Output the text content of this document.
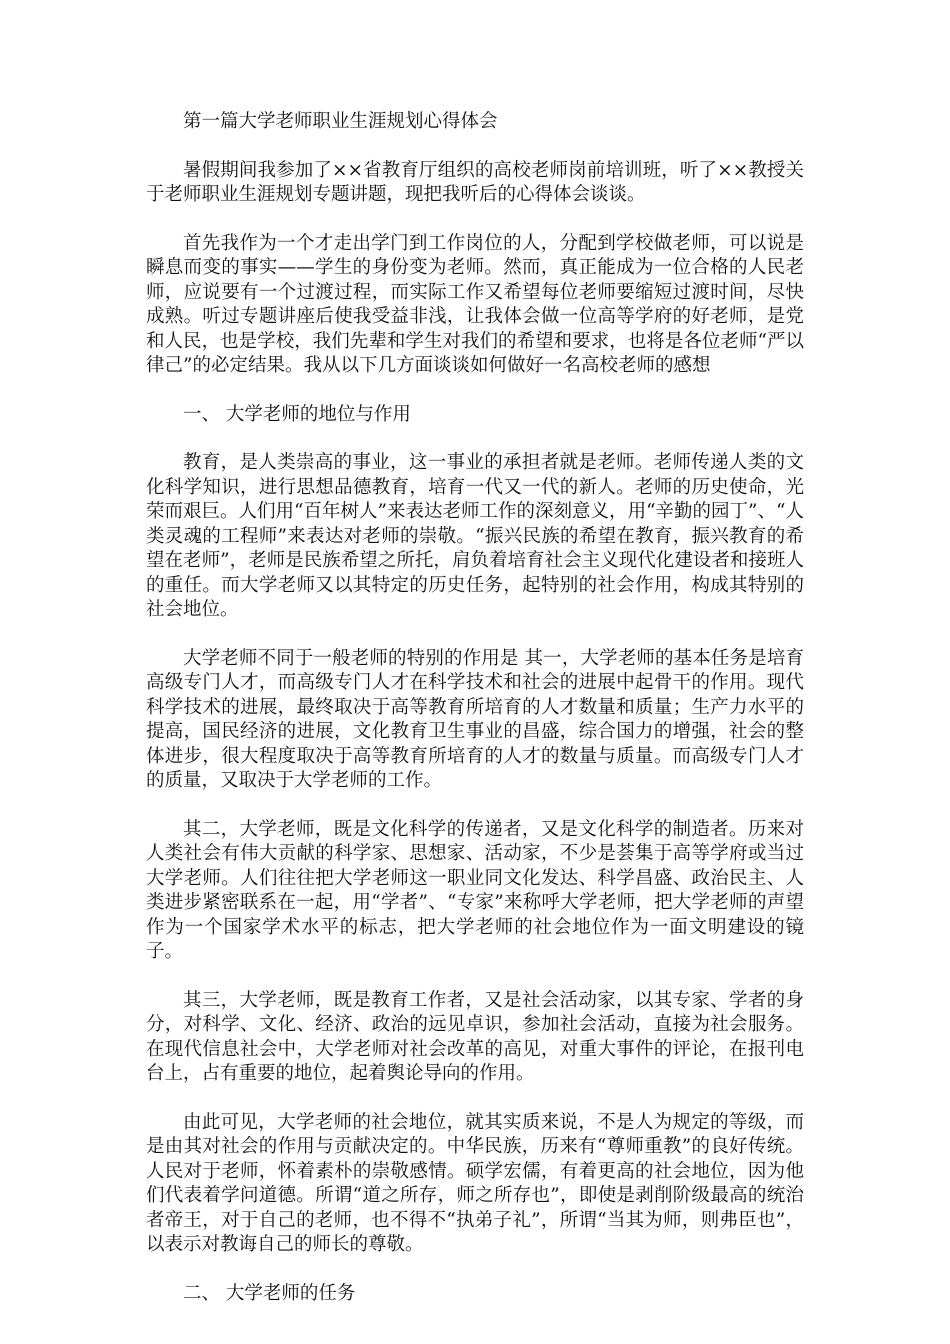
第一篇大学老师职业生涯规划心得体会

暑假期间我参加了××省教育厅组织的高校老师岗前培训班，听了××教授关于老师职业生涯规划专题讲题，现把我听后的心得体会谈谈。

首先我作为一个才走出学门到工作岗位的人，分配到学校做老师，可以说是瞬息而变的事实——学生的身份变为老师。然而，真正能成为一位合格的人民老师，应说要有一个过渡过程，而实际工作又希望每位老师要缩短过渡时间，尽快成熟。听过专题讲座后使我受益非浅，让我体会做一位高等学府的好老师，是党和人民，也是学校，我们先辈和学生对我们的希望和要求，也将是各位老师“严以律己”的必定结果。我从以下几方面谈谈如何做好一名高校老师的感想

一、 大学老师的地位与作用

教育，是人类崇高的事业，这一事业的承担者就是老师。老师传递人类的文化科学知识，进行思想品德教育，培育一代又一代的新人。老师的历史使命，光荣而艰巨。人们用“百年树人”来表达老师工作的深刻意义，用“辛勤的园丁”、“人类灵魂的工程师”来表达对老师的崇敬。“振兴民族的希望在教育，振兴教育的希望在老师”，老师是民族希望之所托，肩负着培育社会主义现代化建设者和接班人的重任。而大学老师又以其特定的历史任务，起特别的社会作用，构成其特别的社会地位。

大学老师不同于一般老师的特别的作用是 其一，大学老师的基本任务是培育高级专门人才，而高级专门人才在科学技术和社会的进展中起骨干的作用。现代科学技术的进展，最终取决于高等教育所培育的人才数量和质量；生产力水平的提高，国民经济的进展，文化教育卫生事业的昌盛，综合国力的增强，社会的整体进步，很大程度取决于高等教育所培育的人才的数量与质量。而高级专门人才的质量，又取决于大学老师的工作。

其二，大学老师，既是文化科学的传递者，又是文化科学的制造者。历来对人类社会有伟大贡献的科学家、思想家、活动家，不少是荟集于高等学府或当过大学老师。人们往往把大学老师这一职业同文化发达、科学昌盛、政治民主、人类进步紧密联系在一起，用“学者”、“专家”来称呼大学老师，把大学老师的声望作为一个国家学术水平的标志，把大学老师的社会地位作为一面文明建设的镜子。

其三，大学老师，既是教育工作者，又是社会活动家，以其专家、学者的身分，对科学、文化、经济、政治的远见卓识，参加社会活动，直接为社会服务。在现代信息社会中，大学老师对社会改革的高见，对重大事件的评论，在报刊电台上，占有重要的地位，起着舆论导向的作用。

由此可见，大学老师的社会地位，就其实质来说，不是人为规定的等级，而是由其对社会的作用与贡献决定的。中华民族，历来有“尊师重教”的良好传统。人民对于老师，怀着素朴的崇敬感情。硕学宏儒，有着更高的社会地位，因为他们代表着学问道德。所谓“道之所存，师之所存也”，即使是剥削阶级最高的统治者帝王，对于自己的老师，也不得不“执弟子礼”，所谓“当其为师，则弗臣也”，以表示对教诲自己的师长的尊敬。

二、 大学老师的任务
